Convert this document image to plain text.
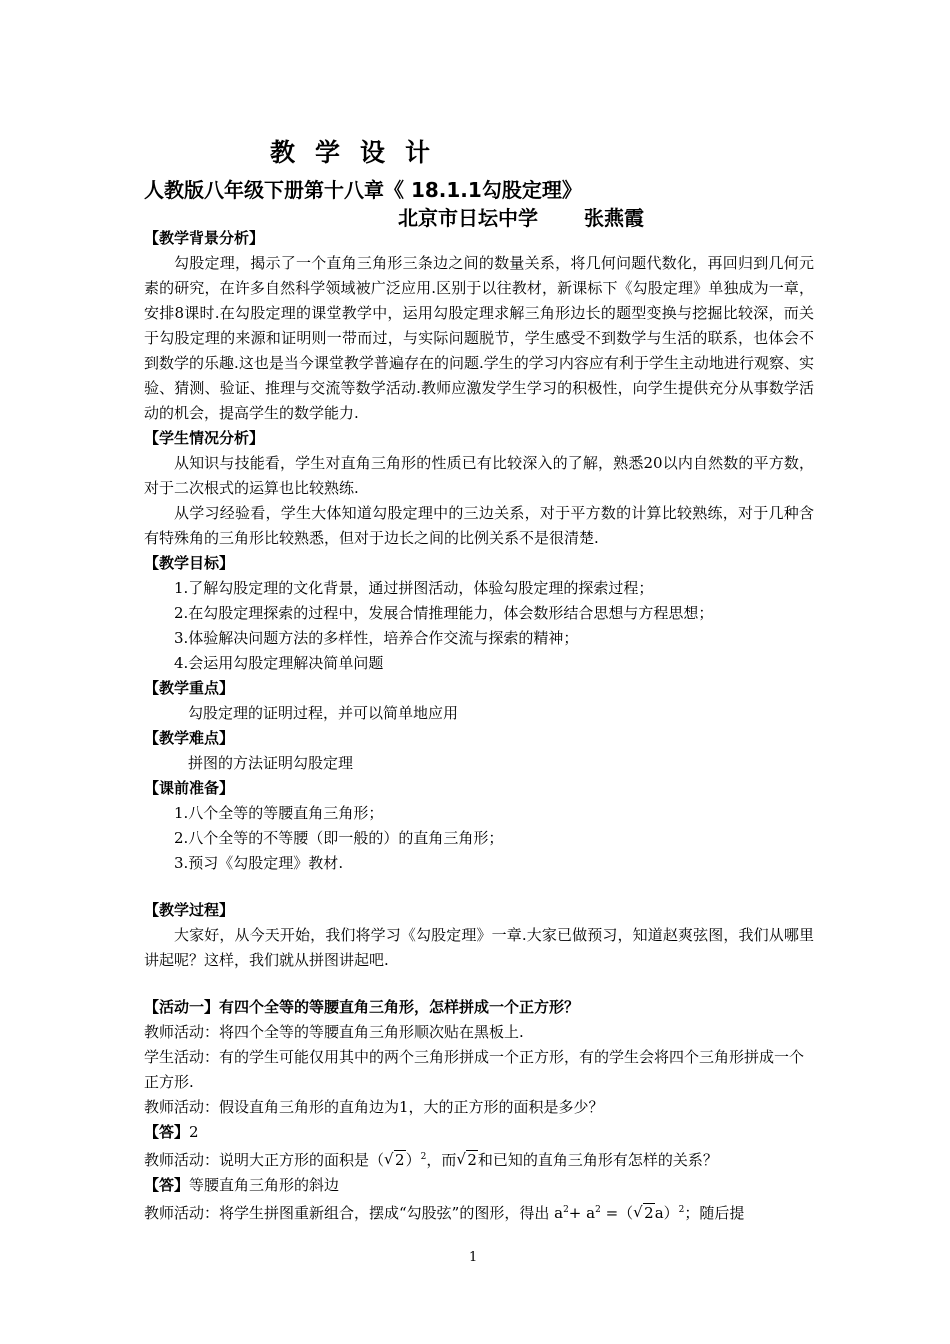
教学设计
人教版八年级下册第十八章《 18.1.1勾股定理》
北京市日坛中学 张燕霞
【教学背景分析】

勾股定理，揭示了一个直角三角形三条边之间的数量关系，将几何问题代数化，再回归到几何元素的研究，在许多自然科学领域被广泛应用.区别于以往教材，新课标下《勾股定理》单独成为一章，安排8课时.在勾股定理的课堂教学中，运用勾股定理求解三角形边长的题型变换与挖掘比较深，而关于勾股定理的来源和证明则一带而过，与实际问题脱节，学生感受不到数学与生活的联系，也体会不到数学的乐趣.这也是当今课堂教学普遍存在的问题.学生的学习内容应有利于学生主动地进行观察、实验、猜测、验证、推理与交流等数学活动.教师应激发学生学习的积极性，向学生提供充分从事数学活动的机会，提高学生的数学能力.

【学生情况分析】

从知识与技能看，学生对直角三角形的性质已有比较深入的了解，熟悉20以内自然数的平方数，对于二次根式的运算也比较熟练.

从学习经验看，学生大体知道勾股定理中的三边关系，对于平方数的计算比较熟练，对于几种含有特殊角的三角形比较熟悉，但对于边长之间的比例关系不是很清楚.

【教学目标】

1.了解勾股定理的文化背景，通过拼图活动，体验勾股定理的探索过程；

2.在勾股定理探索的过程中，发展合情推理能力，体会数形结合思想与方程思想；

3.体验解决问题方法的多样性，培养合作交流与探索的精神；

4.会运用勾股定理解决简单问题

【教学重点】

勾股定理的证明过程，并可以简单地应用

【教学难点】

拼图的方法证明勾股定理

【课前准备】

1.八个全等的等腰直角三角形；

2.八个全等的不等腰（即一般的）的直角三角形；

3.预习《勾股定理》教材.

【教学过程】

大家好，从今天开始，我们将学习《勾股定理》一章.大家已做预习，知道赵爽弦图，我们从哪里讲起呢？这样，我们就从拼图讲起吧.

【活动一】有四个全等的等腰直角三角形，怎样拼成一个正方形？

教师活动：将四个全等的等腰直角三角形顺次贴在黑板上.

学生活动：有的学生可能仅用其中的两个三角形拼成一个正方形，有的学生会将四个三角形拼成一个正方形.

教师活动：假设直角三角形的直角边为1，大的正方形的面积是多少？

【答】2

教师活动：说明大正方形的面积是（ √ 2）$^2$，而 √ 2和已知的直角三角形有怎样的关系？

【答】等腰直角三角形的斜边

教师活动：将学生拼图重新组合，摆成“勾股弦”的图形，得出 $a^2+ a^2$ =（ √ 2a）$^2$；随后提

1
